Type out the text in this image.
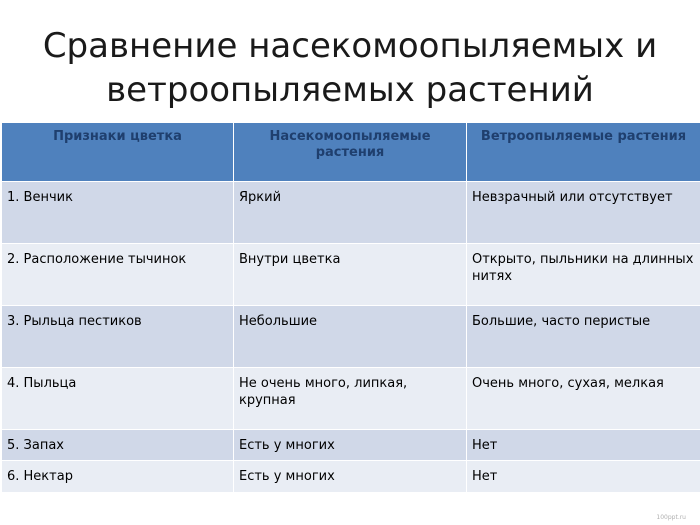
Сравнение насекомоопыляемых и ветроопыляемых растений
Признаки цветка	Насекомоопыляемые растения	Ветроопыляемые растения
1. Венчик	Яркий	Невзрачный или отсутствует
2. Расположение тычинок	Внутри цветка	Открыто, пыльники на длинных нитях
3. Рыльца пестиков	Небольшие	Большие, часто перистые
4. Пыльца	Не очень много, липкая, крупная	Очень много, сухая, мелкая
5. Запах	Есть у многих	Нет
6. Нектар	Есть у многих	Нет
100ppt.ru
